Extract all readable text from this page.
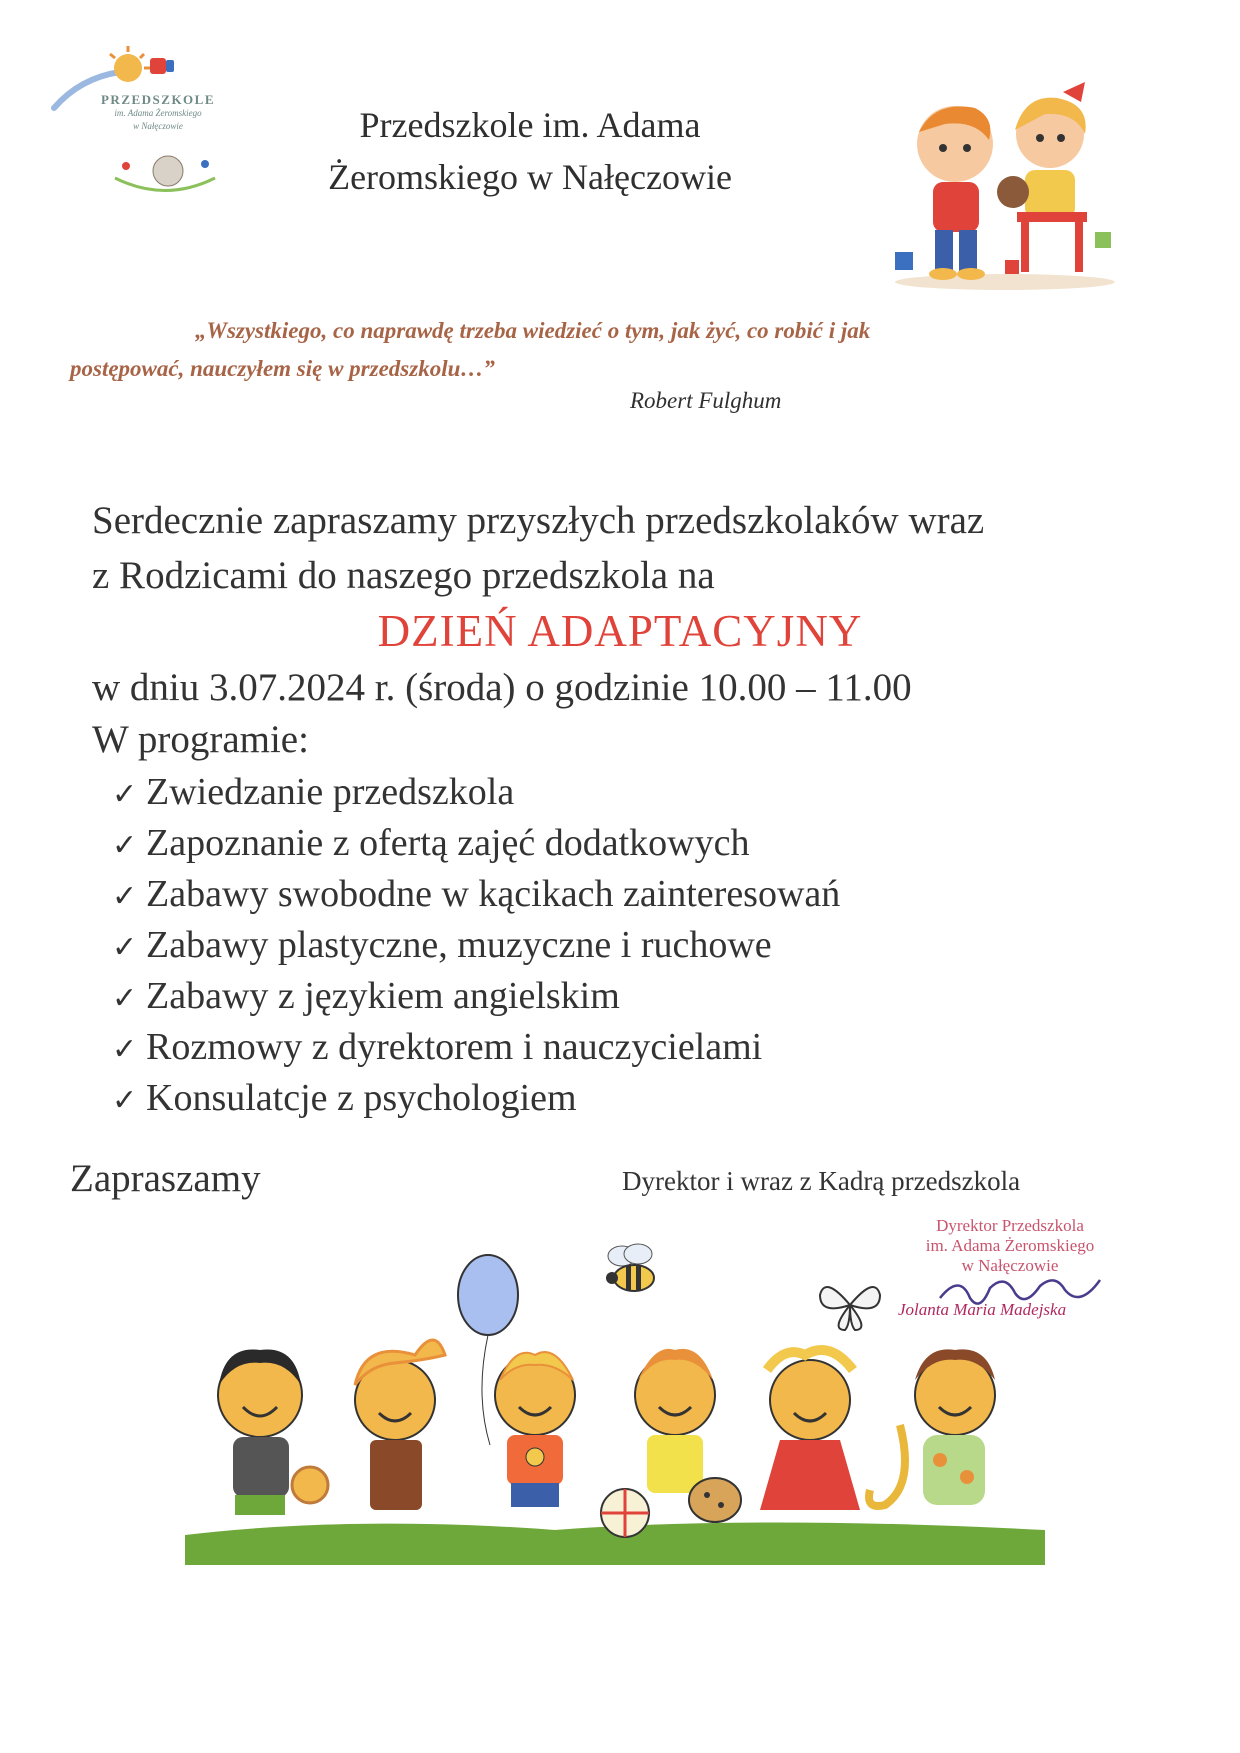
PRZEDSZKOLE
im. Adama Żeromskiego
w Nałęczowie	Przedszkole im. Adama
Żeromskiego w Nałęczowie
„Wszystkiego, co naprawdę trzeba wiedzieć o tym, jak żyć, co robić i jak
postępować, nauczyłem się w przedszkolu…”
Robert Fulghum
Serdecznie zapraszamy przyszłych przedszkolaków wraz
z Rodzicami do naszego przedszkola na
DZIEŃ ADAPTACYJNY
w dniu 3.07.2024 r. (środa) o godzinie 10.00 – 11.00
W programie:
✓ Zwiedzanie przedszkola
✓ Zapoznanie z ofertą zajęć dodatkowych
✓ Zabawy swobodne w kącikach zainteresowań
✓ Zabawy plastyczne, muzyczne i ruchowe
✓ Zabawy z językiem angielskim
✓ Rozmowy z dyrektorem i nauczycielami
✓ Konsulatcje z psychologiem
Zapraszamy	Dyrektor i wraz z Kadrą przedszkola
Dyrektor Przedszkola
im. Adama Żeromskiego
w Nałęczowie
Jolanta Maria Madejska
